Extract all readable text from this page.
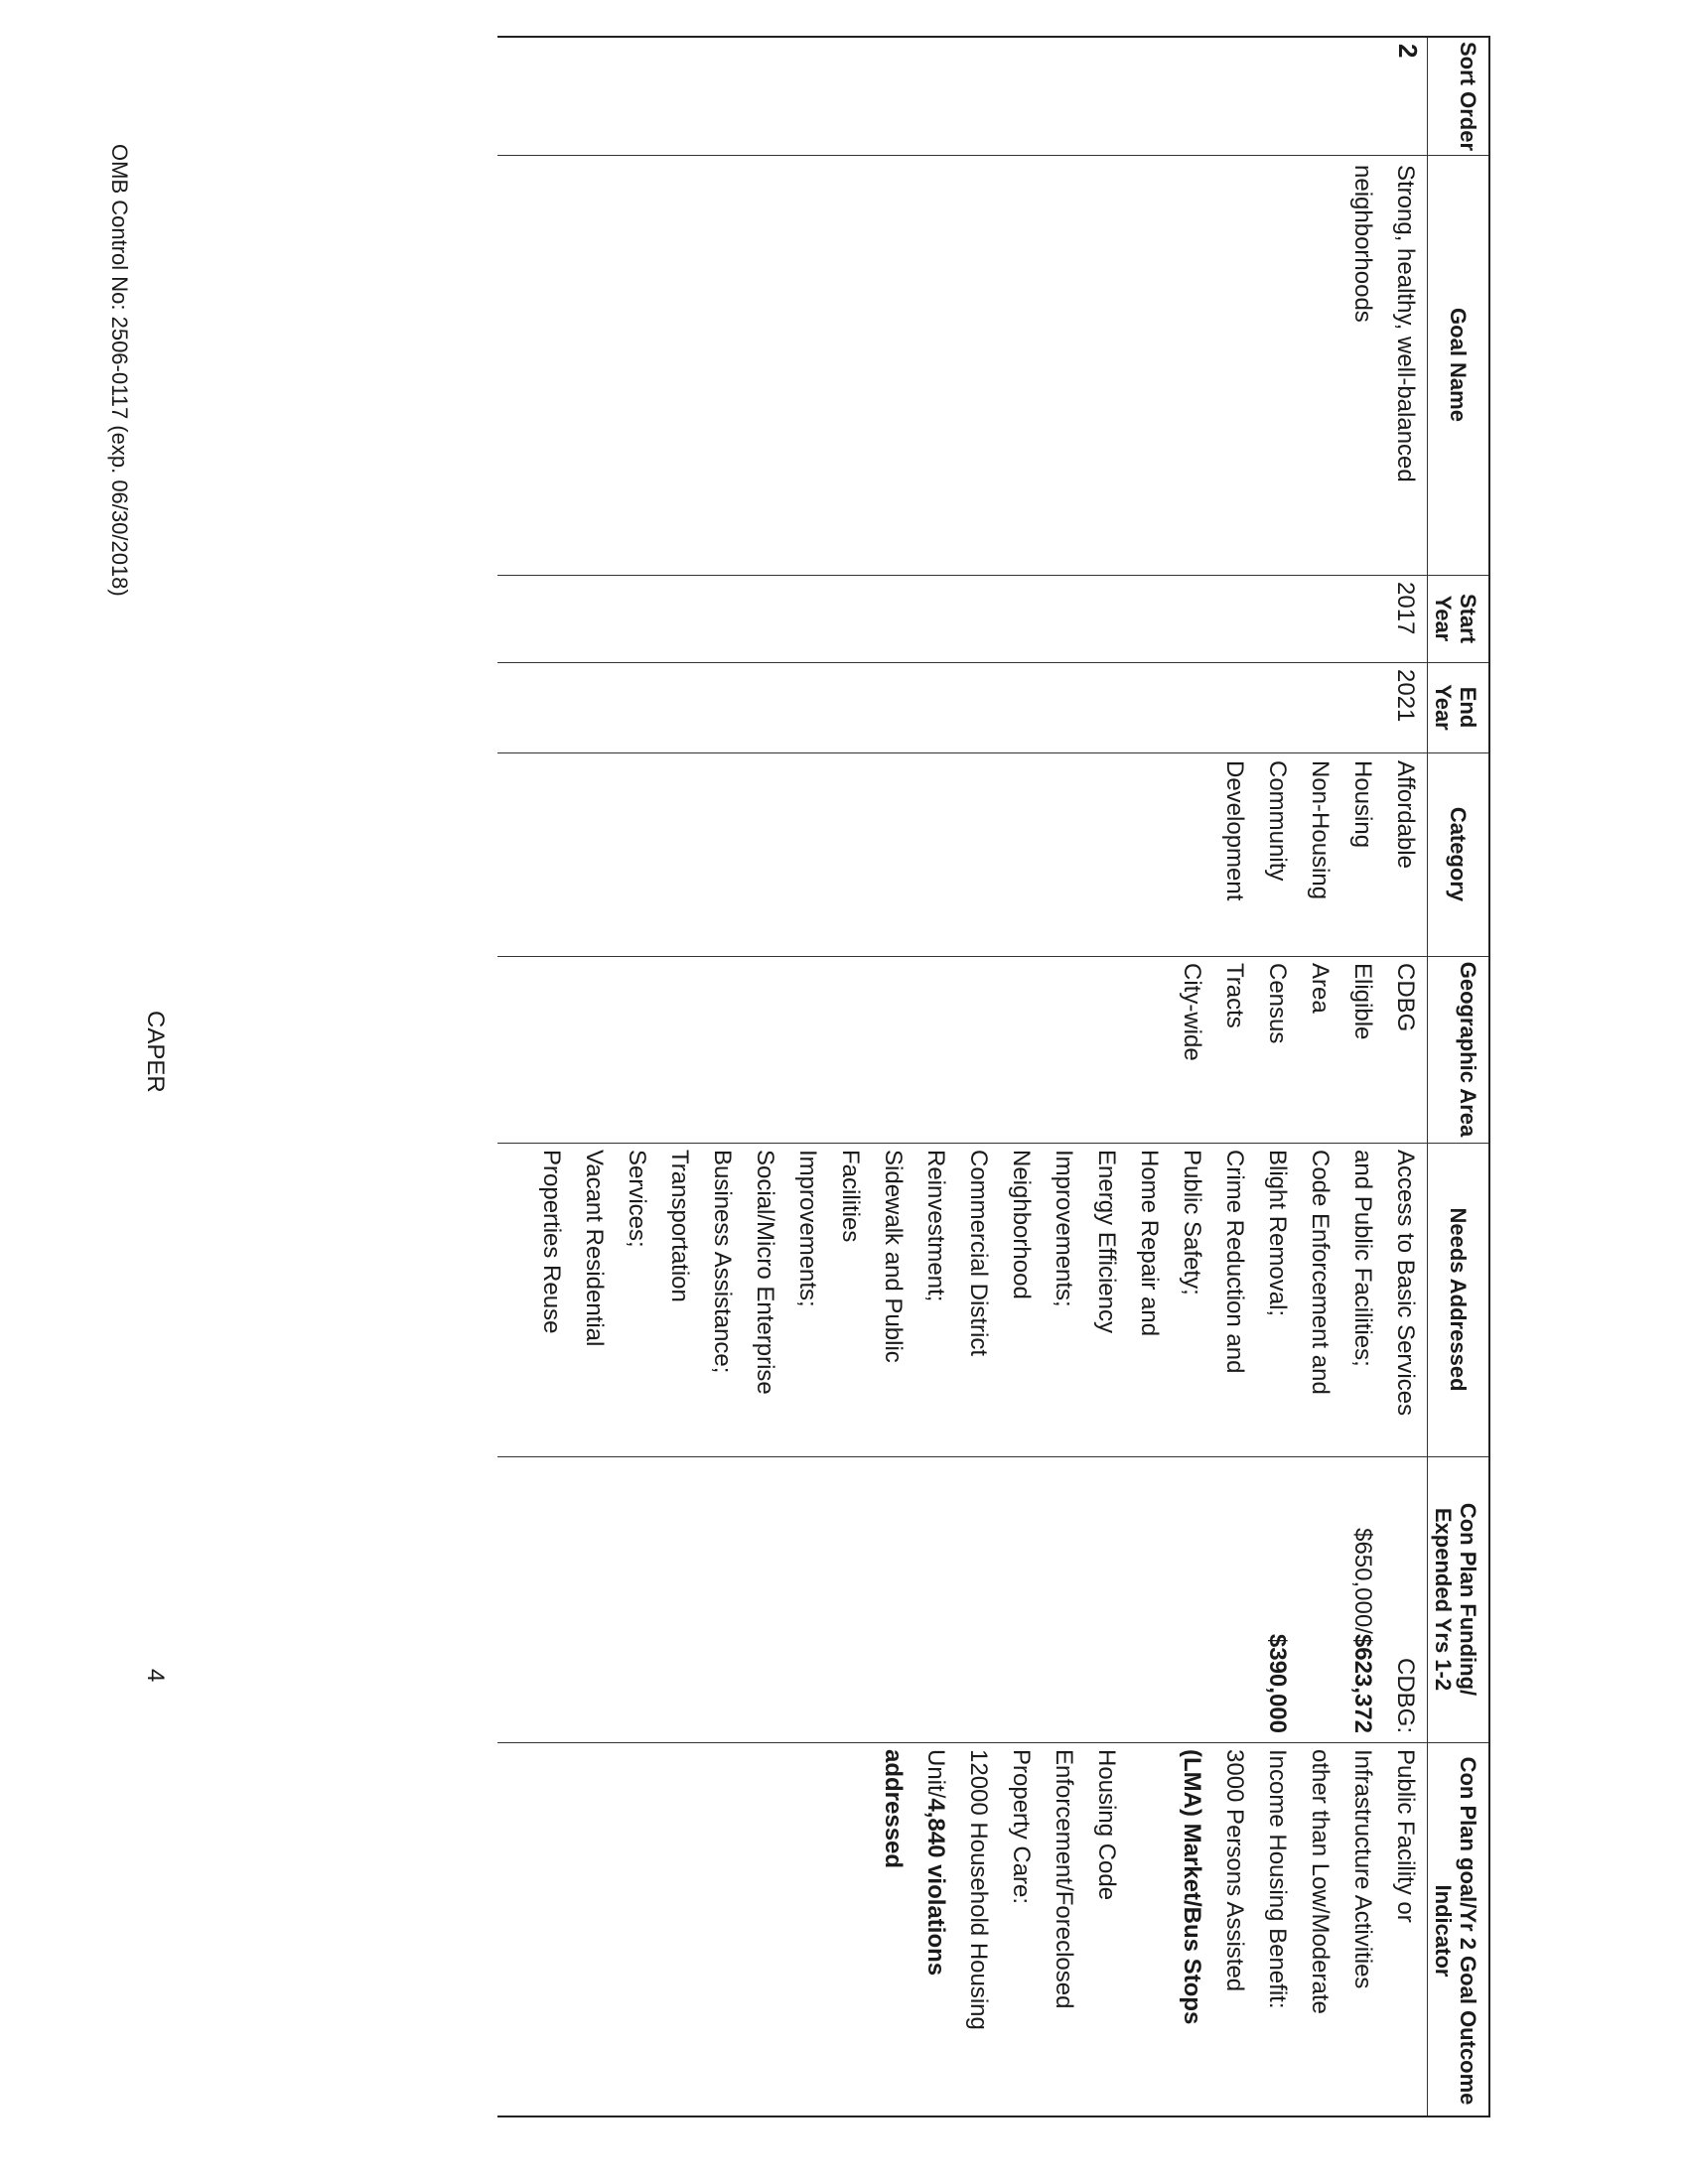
Sort Order
Goal Name
Start Year
End Year
Category
Geographic Area
Needs Addressed
Con Plan Funding/ Expended Yrs 1-2
Con Plan goal/Yr 2 Goal Outcome Indicator
2
Strong, healthy, well-balanced
neighborhoods
2017
2021
Affordable
Housing
Non-Housing
Community
Development
CDBG
Eligible
Area
Census
Tracts
City-wide
Access to Basic Services
and Public Facilities;
Code Enforcement and
Blight Removal;
Crime Reduction and
Public Safety;
Home Repair and
Energy Efficiency
Improvements;
Neighborhood
Commercial District
Reinvestment;
Sidewalk and Public
Facilities
Improvements;
Social/Micro Enterprise
Business Assistance;
Transportation
Services;
Vacant Residential
Properties Reuse
CDBG:
$650,000/$623,372

$390,000
Public Facility or
Infrastructure Activities
other than Low/Moderate
Income Housing Benefit:
3000 Persons Assisted
(LMA) Market/Bus Stops

Housing Code
Enforcement/Foreclosed
Property Care:
12000 Household Housing
Unit/4,840 violations
addressed
OMB Control No: 2506-0117 (exp. 06/30/2018)
CAPER
4
